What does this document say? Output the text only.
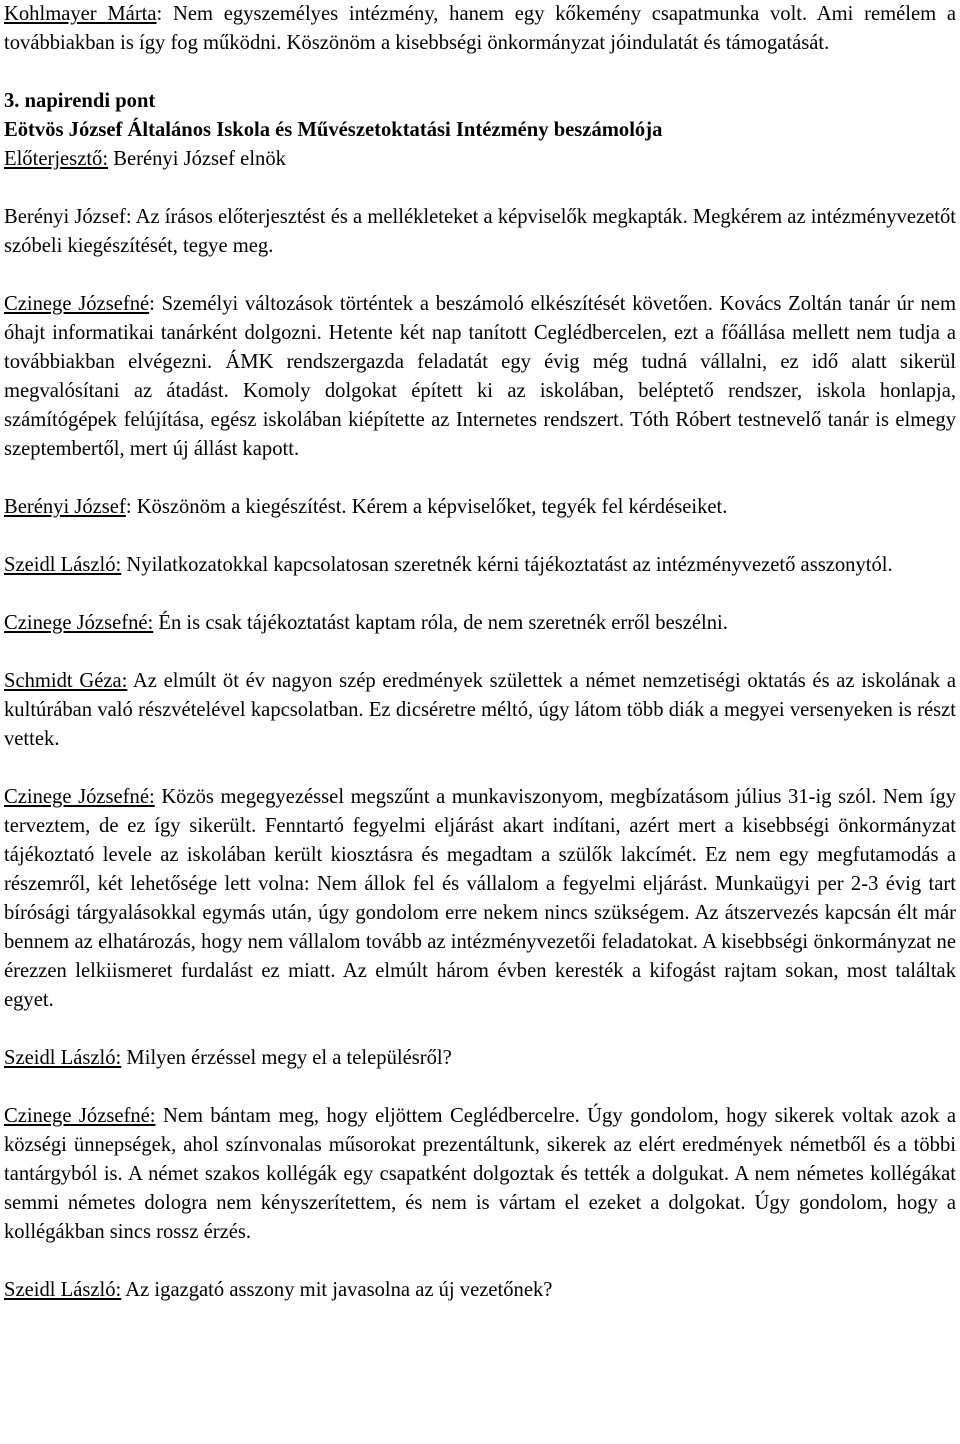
Kohlmayer Márta: Nem egyszemélyes intézmény, hanem egy kőkemény csapatmunka volt. Ami remélem a továbbiakban is így fog működni. Köszönöm a kisebbségi önkormányzat jóindulatát és támogatását.

3. napirendi pont

Eötvös József Általános Iskola és Művészetoktatási Intézmény beszámolója

Előterjesztő: Berényi József elnök

Berényi József: Az írásos előterjesztést és a mellékleteket a képviselők megkapták. Megkérem az intézményvezetőt szóbeli kiegészítését, tegye meg.

Czinege Józsefné: Személyi változások történtek a beszámoló elkészítését követően. Kovács Zoltán tanár úr nem óhajt informatikai tanárként dolgozni. Hetente két nap tanított Ceglédbercelen, ezt a főállása mellett nem tudja a továbbiakban elvégezni. ÁMK rendszergazda feladatát egy évig még tudná vállalni, ez idő alatt sikerül megvalósítani az átadást. Komoly dolgokat épített ki az iskolában, beléptető rendszer, iskola honlapja, számítógépek felújítása, egész iskolában kiépítette az Internetes rendszert. Tóth Róbert testnevelő tanár is elmegy szeptembertől, mert új állást kapott.

Berényi József: Köszönöm a kiegészítést. Kérem a képviselőket, tegyék fel kérdéseiket.

Szeidl László: Nyilatkozatokkal kapcsolatosan szeretnék kérni tájékoztatást az intézményvezető asszonytól.

Czinege Józsefné: Én is csak tájékoztatást kaptam róla, de nem szeretnék erről beszélni.

Schmidt Géza: Az elmúlt öt év nagyon szép eredmények születtek a német nemzetiségi oktatás és az iskolának a kultúrában való részvételével kapcsolatban. Ez dicséretre méltó, úgy látom több diák a megyei versenyeken is részt vettek.

Czinege Józsefné: Közös megegyezéssel megszűnt a munkaviszonyom, megbízatásom július 31-ig szól. Nem így terveztem, de ez így sikerült. Fenntartó fegyelmi eljárást akart indítani, azért mert a kisebbségi önkormányzat tájékoztató levele az iskolában került kiosztásra és megadtam a szülők lakcímét. Ez nem egy megfutamodás a részemről, két lehetősége lett volna: Nem állok fel és vállalom a fegyelmi eljárást. Munkaügyi per 2-3 évig tart bírósági tárgyalásokkal egymás után, úgy gondolom erre nekem nincs szükségem. Az átszervezés kapcsán élt már bennem az elhatározás, hogy nem vállalom tovább az intézményvezetői feladatokat. A kisebbségi önkormányzat ne érezzen lelkiismeret furdalást ez miatt. Az elmúlt három évben keresték a kifogást rajtam sokan, most találtak egyet.

Szeidl László: Milyen érzéssel megy el a településről?

Czinege Józsefné: Nem bántam meg, hogy eljöttem Ceglédbercelre. Úgy gondolom, hogy sikerek voltak azok a községi ünnepségek, ahol színvonalas műsorokat prezentáltunk, sikerek az elért eredmények németből és a többi tantárgyból is. A német szakos kollégák egy csapatként dolgoztak és tették a dolgukat. A nem németes kollégákat semmi németes dologra nem kényszerítettem, és nem is vártam el ezeket a dolgokat. Úgy gondolom, hogy a kollégákban sincs rossz érzés.

Szeidl László: Az igazgató asszony mit javasolna az új vezetőnek?
